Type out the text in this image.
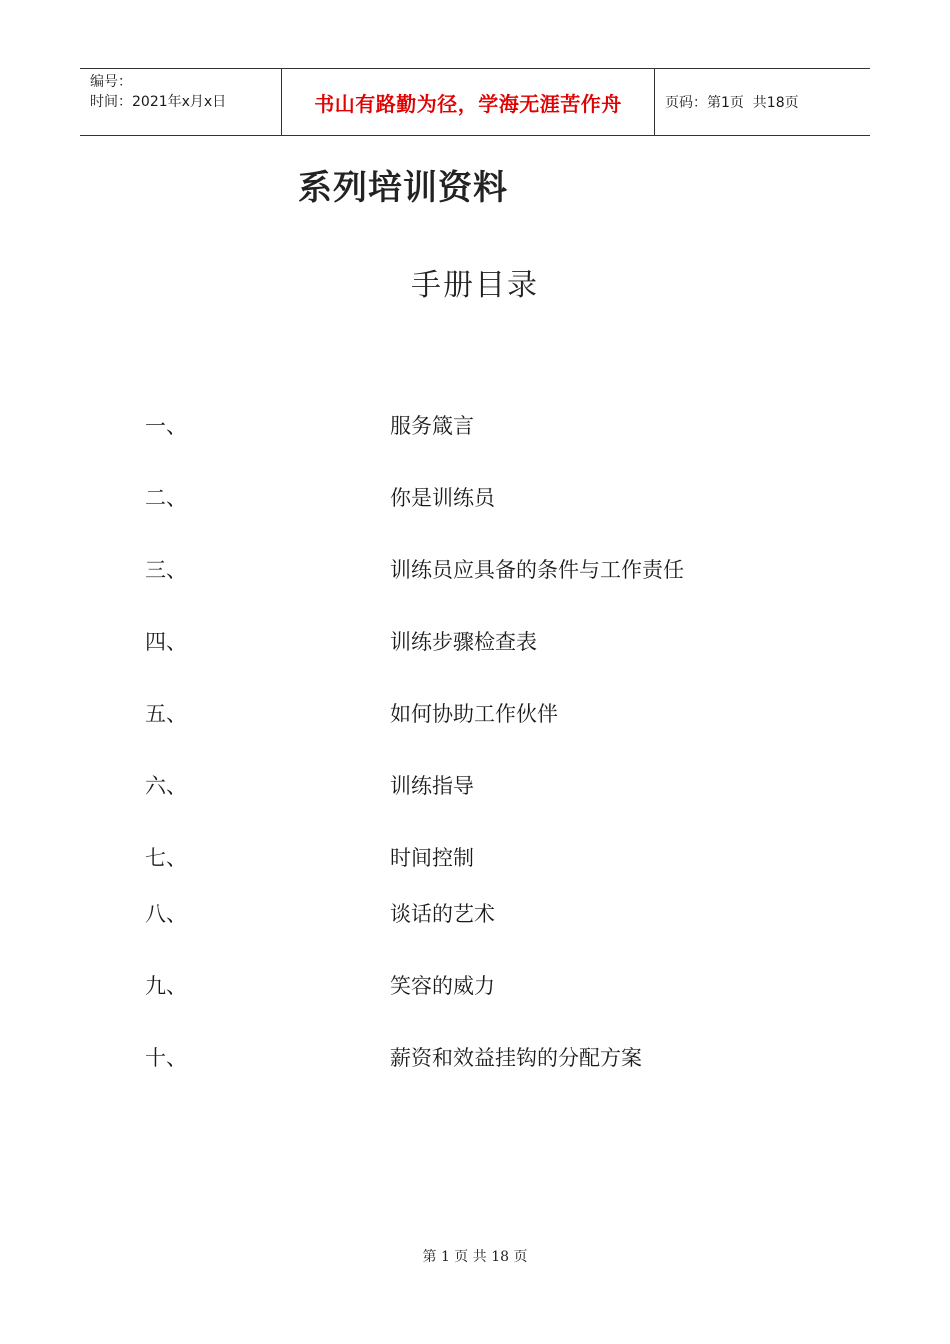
编号：
时间：2021年x月x日	书山有路勤为径，学海无涯苦作舟	页码：第1页  共18页
系列培训资料
手册目录
一、	服务箴言
二、	你是训练员
三、	训练员应具备的条件与工作责任
四、	训练步骤检查表
五、	如何协助工作伙伴
六、	训练指导
七、	时间控制
八、	谈话的艺术
九、	笑容的威力
十、	薪资和效益挂钩的分配方案
第 1 页 共 18 页
